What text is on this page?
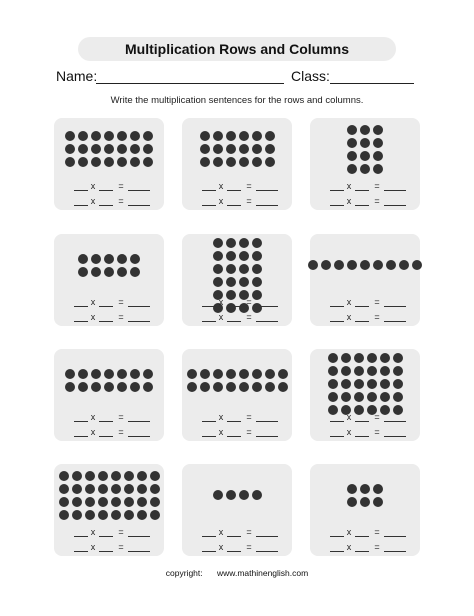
Multiplication Rows and Columns
Name:	Class:
Write the multiplication sentences for the rows and columns.
x	=
x	=
x	=
x	=
x	=
x	=
x	=
x	=
x	=
x	=
x	=
x	=
x	=
x	=
x	=
x	=
x	=
x	=
x	=
x	=
x	=
x	=
x	=
x	=
copyright: www.mathinenglish.com
